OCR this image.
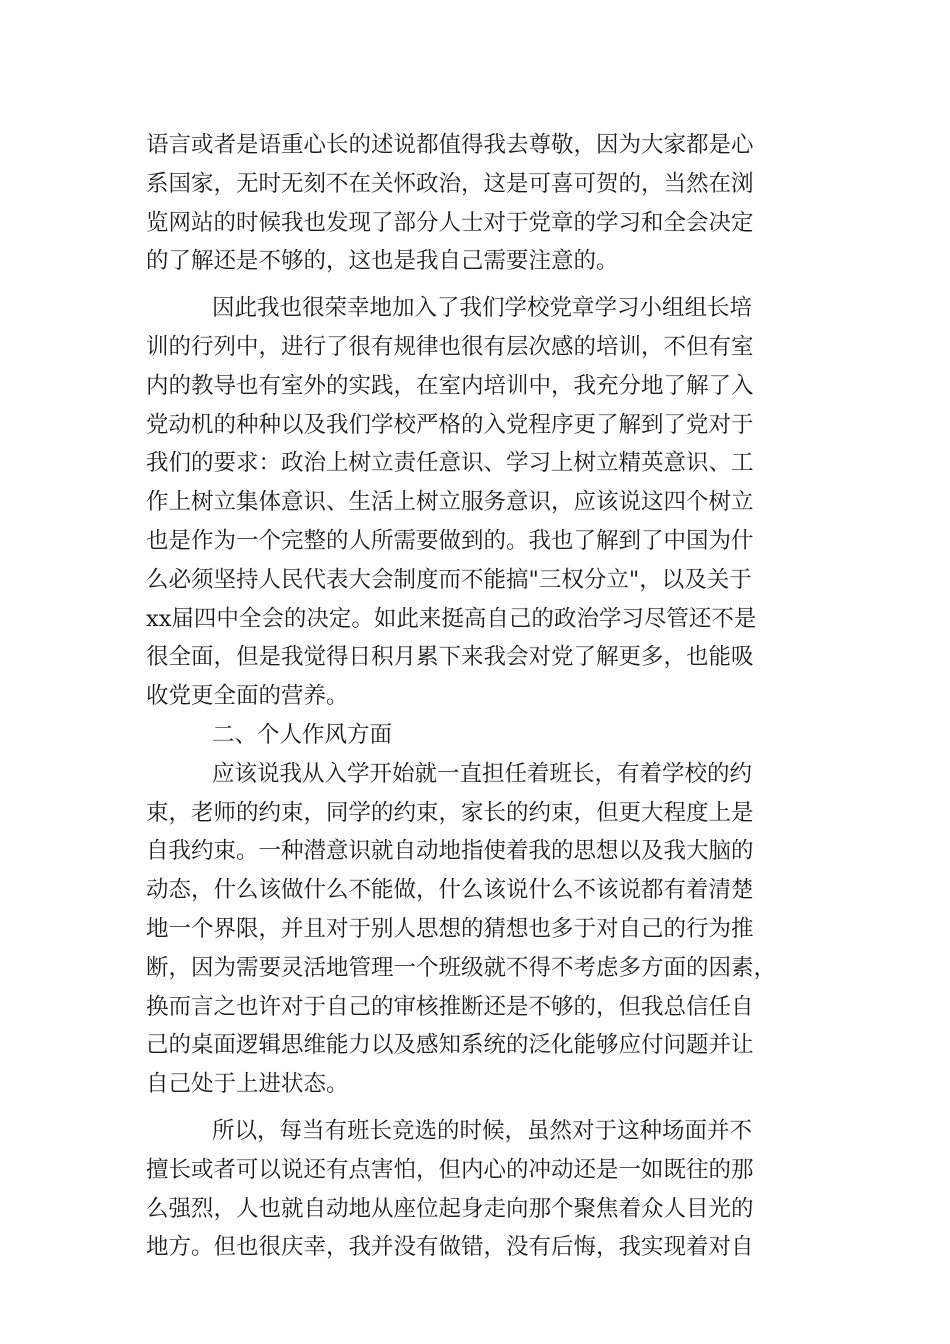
语言或者是语重心长的述说都值得我去尊敬，因为大家都是心
系国家，无时无刻不在关怀政治，这是可喜可贺的，当然在浏
览网站的时候我也发现了部分人士对于党章的学习和全会决定
的了解还是不够的，这也是我自己需要注意的。
因此我也很荣幸地加入了我们学校党章学习小组组长培
训的行列中，进行了很有规律也很有层次感的培训，不但有室
内的教导也有室外的实践，在室内培训中，我充分地了解了入
党动机的种种以及我们学校严格的入党程序更了解到了党对于
我们的要求：政治上树立责任意识、学习上树立精英意识、工
作上树立集体意识、生活上树立服务意识，应该说这四个树立
也是作为一个完整的人所需要做到的。我也了解到了中国为什
么必须坚持人民代表大会制度而不能搞"三权分立"，以及关于
xx届四中全会的决定。如此来挺高自己的政治学习尽管还不是
很全面，但是我觉得日积月累下来我会对党了解更多，也能吸
收党更全面的营养。
二、个人作风方面
应该说我从入学开始就一直担任着班长，有着学校的约
束，老师的约束，同学的约束，家长的约束，但更大程度上是
自我约束。一种潜意识就自动地指使着我的思想以及我大脑的
动态，什么该做什么不能做，什么该说什么不该说都有着清楚
地一个界限，并且对于别人思想的猜想也多于对自己的行为推
断，因为需要灵活地管理一个班级就不得不考虑多方面的因素，
换而言之也许对于自己的审核推断还是不够的，但我总信任自
己的桌面逻辑思维能力以及感知系统的泛化能够应付问题并让
自己处于上进状态。
所以，每当有班长竞选的时候，虽然对于这种场面并不
擅长或者可以说还有点害怕，但内心的冲动还是一如既往的那
么强烈，人也就自动地从座位起身走向那个聚焦着众人目光的
地方。但也很庆幸，我并没有做错，没有后悔，我实现着对自
